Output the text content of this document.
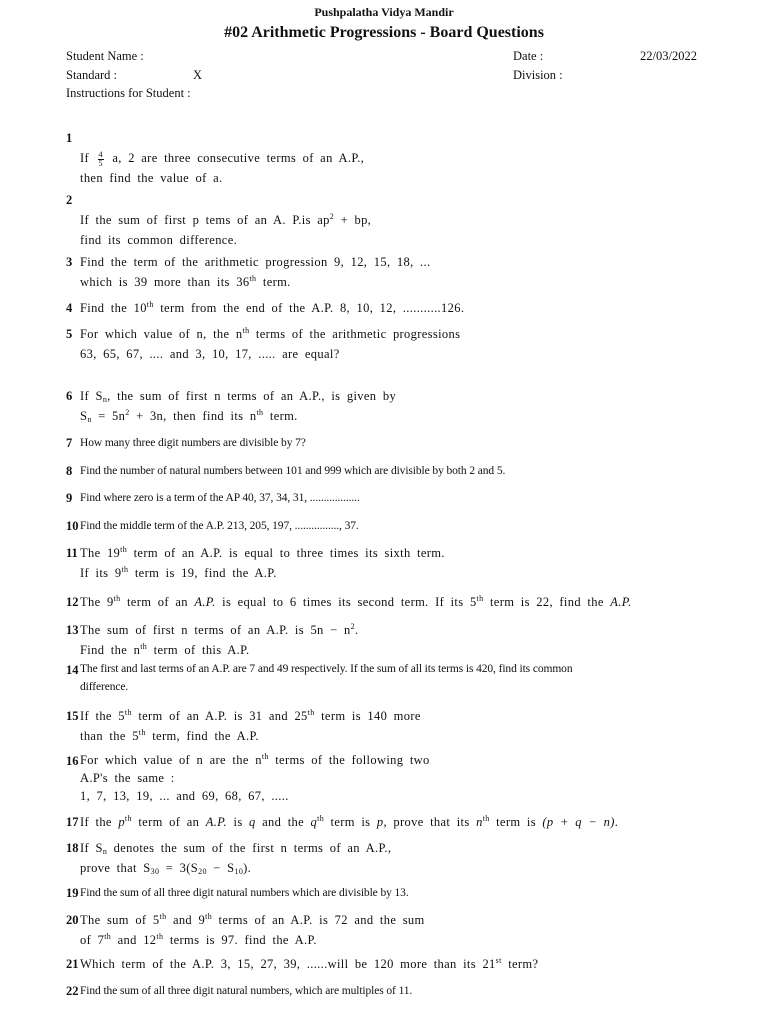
Pushpalatha Vidya Mandir
#02 Arithmetic Progressions - Board Questions
Student Name :	Date :	22/03/2022
Standard :	X	Division :
Instructions for Student :
1
If $\frac{4}{5} a$, 2 are three consecutive terms of an A.P.,
then find the value of a.
2
If the sum of first p tems of an A. P.is $ap^2$ + bp,
find its common difference.
3 Find the term of the arithmetic progression 9, 12, 15, 18, ...
which is 39 more than its 36th term.
4 Find the 10th term from the end of the A.P. 8, 10, 12, ...........126.
5 For which value of n, the $n^{th}$ terms of the arithmetic progressions
63, 65, 67, .... and 3, 10, 17, ..... are equal?
6 If $S_n$, the sum of first n terms of an A.P., is given by
$S_n = 5n^2 + 3n$, then find its $n^{th}$ term.
7 How many three digit numbers are divisible by 7?
8 Find the number of natural numbers between 101 and 999 which are divisible by both 2 and 5.
9 Find where zero is a term of the AP 40, 37, 34, 31, ..................
10 Find the middle term of the A.P. 213, 205, 197, ................, 37.
11 The 19th term of an A.P. is equal to three times its sixth term.
If its 9th term is 19, find the A.P.
12 The 9th term of an A.P. is equal to 6 times its second term. If its 5th term is 22, find the A.P.
13 The sum of first n terms of an A.P. is $5n - n^2$.
Find the $n^{th}$ term of this A.P.
14 The first and last terms of an A.P. are 7 and 49 respectively. If the sum of all its terms is 420, find its common
difference.
15 If the 5th term of an A.P. is 31 and 25th term is 140 more
than the 5th term, find the A.P.
16 For which value of n are the $n^{th}$ terms of the following two
A.P's the same :
1, 7, 13, 19, ... and 69, 68, 67, .....
17 If the $p^{th}$ term of an A.P. is q and the $q^{th}$ term is p, prove that its $n^{th}$ term is (p + q − n).
18 If $S_n$ denotes the sum of the first n terms of an A.P.,
prove that $S_{30} = 3(S_{20} - S_{10})$.
19 Find the sum of all three digit natural numbers which are divisible by 13.
20 The sum of 5th and 9th terms of an A.P. is 72 and the sum
of 7th and 12th terms is 97. find the A.P.
21 Which term of the A.P. 3, 15, 27, 39, ......will be 120 more than its 21st term?
22 Find the sum of all three digit natural numbers, which are multiples of 11.
